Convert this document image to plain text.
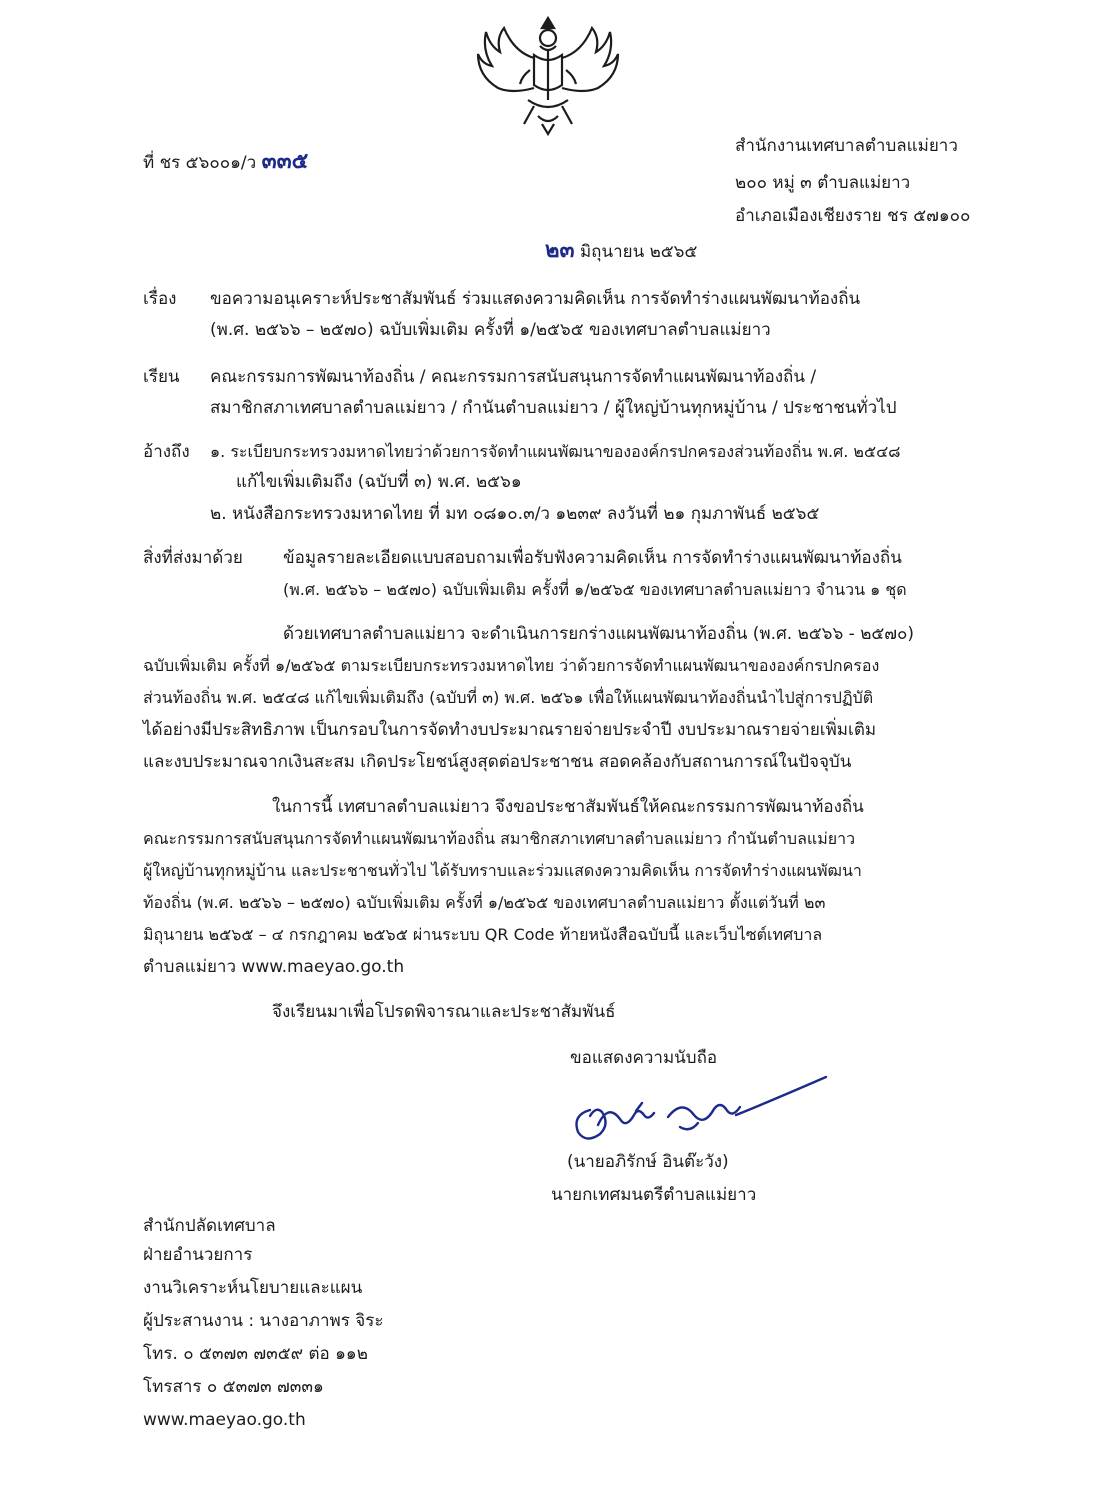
ที่ ชร ๕๖๐๐๑/ว ๓๓๕
สำนักงานเทศบาลตำบลแม่ยาว
๒๐๐ หมู่ ๓ ตำบลแม่ยาว
อำเภอเมืองเชียงราย ชร ๕๗๑๐๐
๒๓ มิถุนายน ๒๕๖๕
เรื่อง ขอความอนุเคราะห์ประชาสัมพันธ์ ร่วมแสดงความคิดเห็น การจัดทำร่างแผนพัฒนาท้องถิ่น
(พ.ศ. ๒๕๖๖ – ๒๕๗๐) ฉบับเพิ่มเติม ครั้งที่ ๑/๒๕๖๕ ของเทศบาลตำบลแม่ยาว
เรียน คณะกรรมการพัฒนาท้องถิ่น / คณะกรรมการสนับสนุนการจัดทำแผนพัฒนาท้องถิ่น /
สมาชิกสภาเทศบาลตำบลแม่ยาว / กำนันตำบลแม่ยาว / ผู้ใหญ่บ้านทุกหมู่บ้าน / ประชาชนทั่วไป
อ้างถึง ๑. ระเบียบกระทรวงมหาดไทยว่าด้วยการจัดทำแผนพัฒนาขององค์กรปกครองส่วนท้องถิ่น พ.ศ. ๒๕๔๘
แก้ไขเพิ่มเติมถึง (ฉบับที่ ๓) พ.ศ. ๒๕๖๑
๒. หนังสือกระทรวงมหาดไทย ที่ มท ๐๘๑๐.๓/ว ๑๒๓๙ ลงวันที่ ๒๑ กุมภาพันธ์ ๒๕๖๕
สิ่งที่ส่งมาด้วย ข้อมูลรายละเอียดแบบสอบถามเพื่อรับฟังความคิดเห็น การจัดทำร่างแผนพัฒนาท้องถิ่น
(พ.ศ. ๒๕๖๖ – ๒๕๗๐) ฉบับเพิ่มเติม ครั้งที่ ๑/๒๕๖๕ ของเทศบาลตำบลแม่ยาว จำนวน ๑ ชุด
ด้วยเทศบาลตำบลแม่ยาว จะดำเนินการยกร่างแผนพัฒนาท้องถิ่น (พ.ศ. ๒๕๖๖ - ๒๕๗๐)
ฉบับเพิ่มเติม ครั้งที่ ๑/๒๕๖๕ ตามระเบียบกระทรวงมหาดไทย ว่าด้วยการจัดทำแผนพัฒนาขององค์กรปกครอง
ส่วนท้องถิ่น พ.ศ. ๒๕๔๘ แก้ไขเพิ่มเติมถึง (ฉบับที่ ๓) พ.ศ. ๒๕๖๑ เพื่อให้แผนพัฒนาท้องถิ่นนำไปสู่การปฏิบัติ
ได้อย่างมีประสิทธิภาพ เป็นกรอบในการจัดทำงบประมาณรายจ่ายประจำปี งบประมาณรายจ่ายเพิ่มเติม
และงบประมาณจากเงินสะสม เกิดประโยชน์สูงสุดต่อประชาชน สอดคล้องกับสถานการณ์ในปัจจุบัน
ในการนี้ เทศบาลตำบลแม่ยาว จึงขอประชาสัมพันธ์ให้คณะกรรมการพัฒนาท้องถิ่น
คณะกรรมการสนับสนุนการจัดทำแผนพัฒนาท้องถิ่น สมาชิกสภาเทศบาลตำบลแม่ยาว กำนันตำบลแม่ยาว
ผู้ใหญ่บ้านทุกหมู่บ้าน และประชาชนทั่วไป ได้รับทราบและร่วมแสดงความคิดเห็น การจัดทำร่างแผนพัฒนา
ท้องถิ่น (พ.ศ. ๒๕๖๖ – ๒๕๗๐) ฉบับเพิ่มเติม ครั้งที่ ๑/๒๕๖๕ ของเทศบาลตำบลแม่ยาว ตั้งแต่วันที่ ๒๓
มิถุนายน ๒๕๖๕ – ๔ กรกฎาคม ๒๕๖๕ ผ่านระบบ QR Code ท้ายหนังสือฉบับนี้ และเว็บไซต์เทศบาล
ตำบลแม่ยาว www.maeyao.go.th
จึงเรียนมาเพื่อโปรดพิจารณาและประชาสัมพันธ์
ขอแสดงความนับถือ
(นายอภิรักษ์ อินต๊ะวัง)
นายกเทศมนตรีตำบลแม่ยาว
สำนักปลัดเทศบาล
ฝ่ายอำนวยการ
งานวิเคราะห์นโยบายและแผน
ผู้ประสานงาน : นางอาภาพร จิระ
โทร. ๐ ๕๓๗๓ ๗๓๕๙ ต่อ ๑๑๒
โทรสาร ๐ ๕๓๗๓ ๗๓๓๑
www.maeyao.go.th
